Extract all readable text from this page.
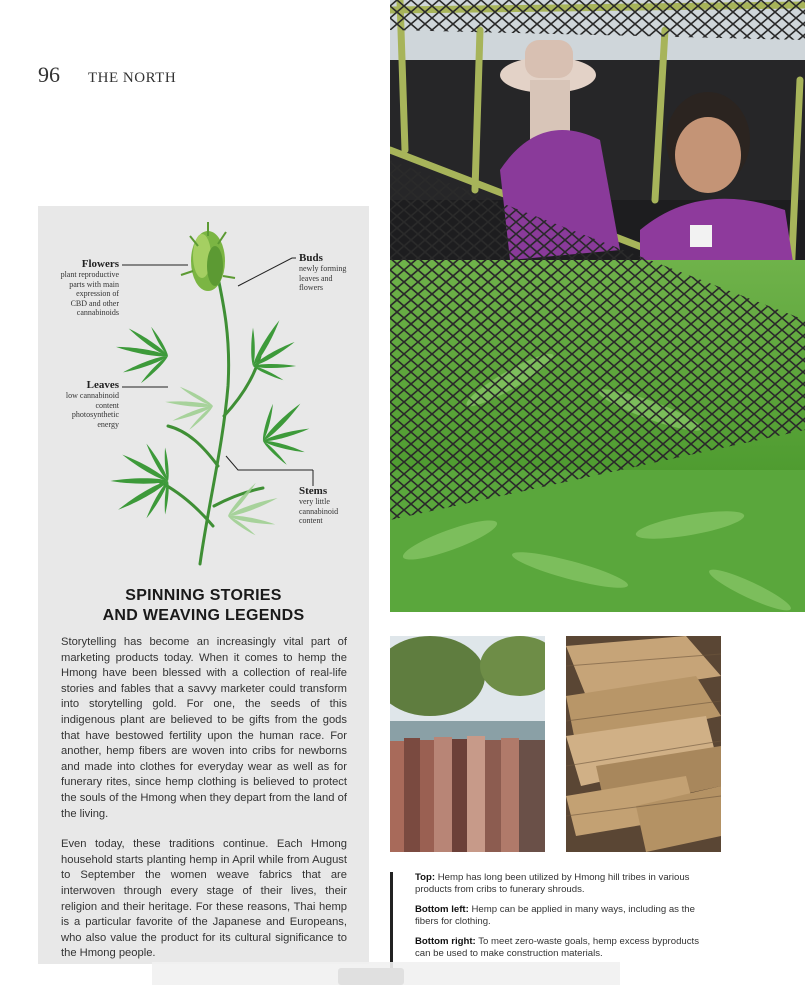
96 THE NORTH
Flowers
plant reproductive
parts with main
expression of
CBD and other
cannabinoids
Buds
newly forming
leaves and
flowers
Leaves
low cannabinoid
content
photosynthetic
energy
Stems
very little
cannabinoid
content
SPINNING STORIES
AND WEAVING LEGENDS

Storytelling has become an increasingly vital part of marketing products today. When it comes to hemp the Hmong have been blessed with a collection of real-life stories and fables that a savvy marketer could transform into storytelling gold. For one, the seeds of this indigenous plant are believed to be gifts from the gods that have bestowed fertility upon the human race. For another, hemp fibers are woven into cribs for newborns and made into clothes for everyday wear as well as for funerary rites, since hemp clothing is believed to protect the souls of the Hmong when they depart from the land of the living.

Even today, these traditions continue. Each Hmong household starts planting hemp in April while from August to September the women weave fabrics that are interwoven through every stage of their lives, their religion and their heritage. For these reasons, Thai hemp is a particular favorite of the Japanese and Europeans, who also value the product for its cultural significance to the Hmong people.

Top: Hemp has long been utilized by Hmong hill tribes in various products from cribs to funerary shrouds.
Bottom left: Hemp can be applied in many ways, including as the fibers for clothing.
Bottom right: To meet zero-waste goals, hemp excess byproducts can be used to make construction materials.
